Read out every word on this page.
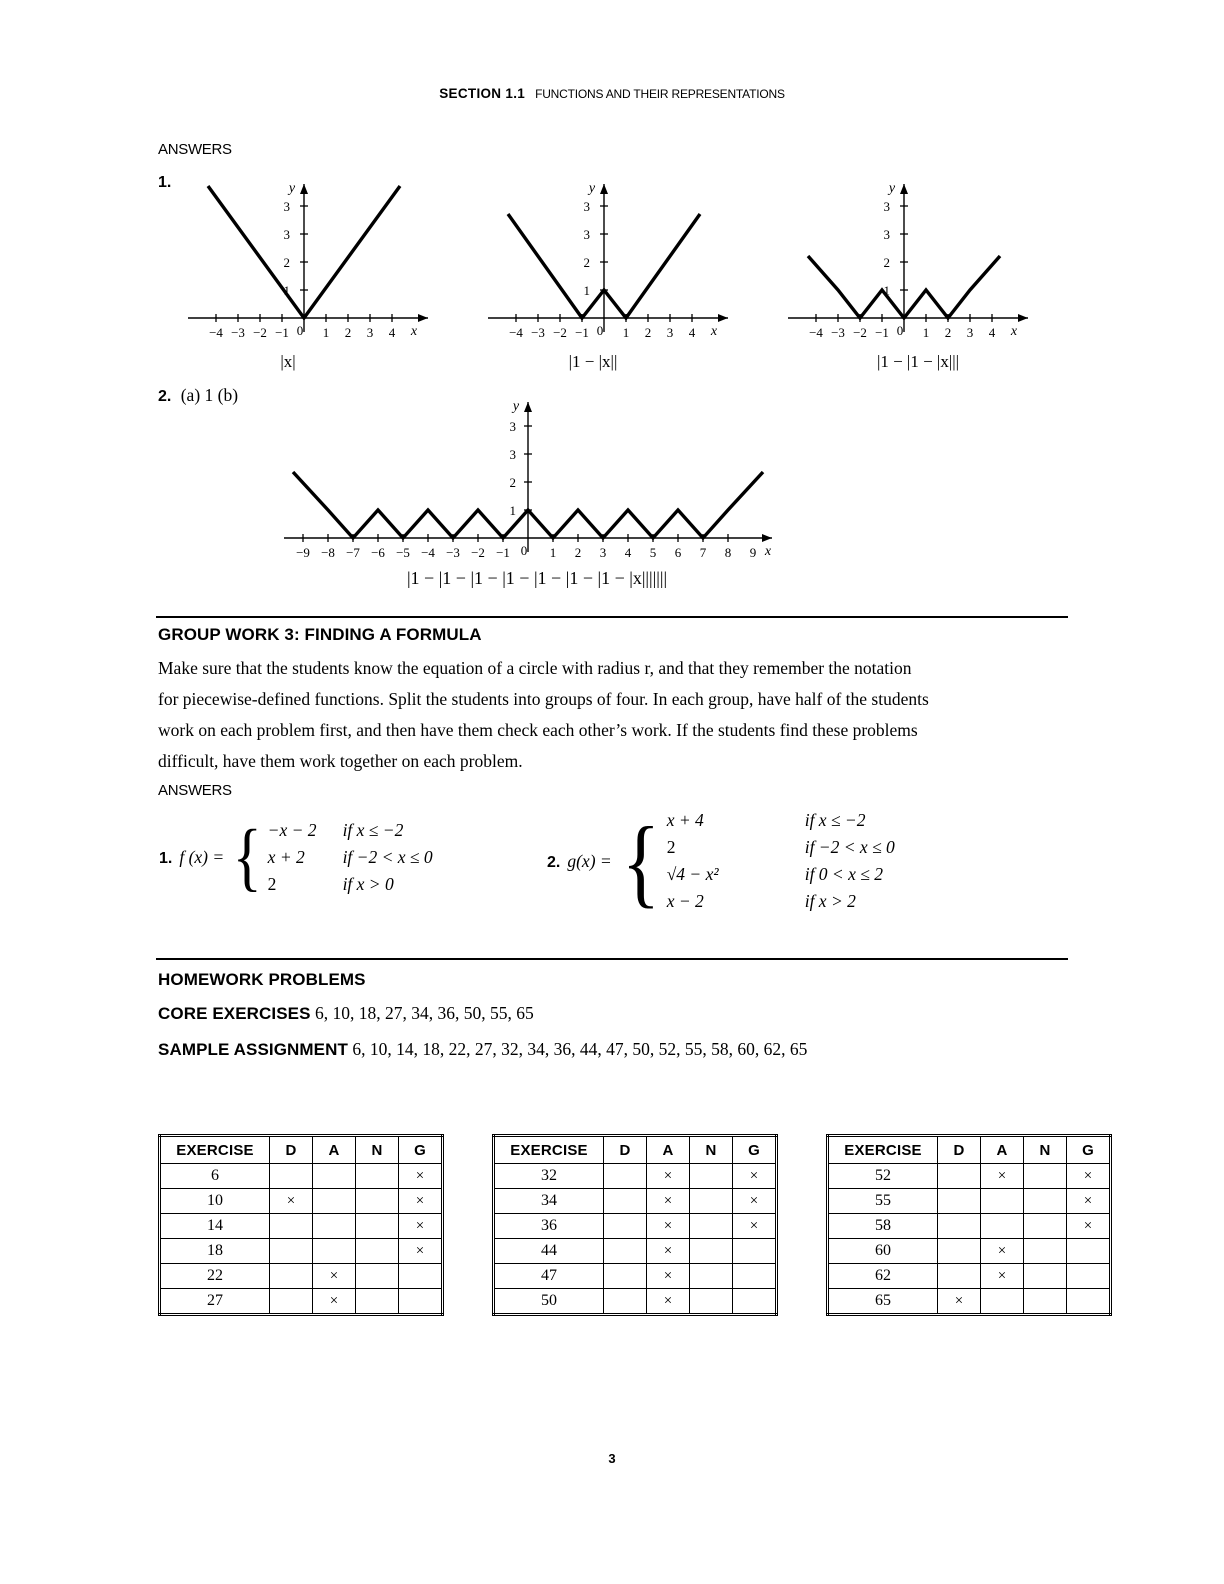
SECTION 1.1 FUNCTIONS AND THEIR REPRESENTATIONS
ANSWERS
1.
1
2
3
3
−4 −3 −2 −1 0 1 2 3 4 x
y
|x|
1
2
3
3
−4 −3 −2 −1 0 1 2 3 4 x
y
|1 − |x||
1
2
3
3
−4 −3 −2 −1 0 1 2 3 4 x
y
|1 − |1 − |x|||
2. (a) 1 (b)
1
2
3
3
y
−9 −8 −7 −6 −5 −4 −3 −2 −1 0 1 2 3 4 5 6 7 8 9 x
|1 − |1 − |1 − |1 − |1 − |1 − |1 − |x|||||||
GROUP WORK 3: FINDING A FORMULA
Make sure that the students know the equation of a circle with radius r, and that they remember the notation
for piecewise-defined functions. Split the students into groups of four. In each group, have half of the students
work on each problem first, and then have them check each other’s work. If the students find these problems
difficult, have them work together on each problem.
ANSWERS
1.	f (x) =	{	−x − 2	if x ≤ −2
x + 2	if −2 < x ≤ 0
2	if x > 0
2.	g(x) =	{	x + 4	if x ≤ −2
2	if −2 < x ≤ 0
√4 − x²	if 0 < x ≤ 2
x − 2	if x > 2
HOMEWORK PROBLEMS
CORE EXERCISES 6, 10, 18, 27, 34, 36, 50, 55, 65
SAMPLE ASSIGNMENT 6, 10, 14, 18, 22, 27, 32, 34, 36, 44, 47, 50, 52, 55, 58, 60, 62, 65
EXERCISE	D	A	N	G
6				×
10	×			×
14				×
18				×
22		×		
27		×		
EXERCISE	D	A	N	G
32		×		×
34		×		×
36		×		×
44		×		
47		×		
50		×		
EXERCISE	D	A	N	G
52		×		×
55				×
58				×
60		×		
62		×		
65	×			
3
